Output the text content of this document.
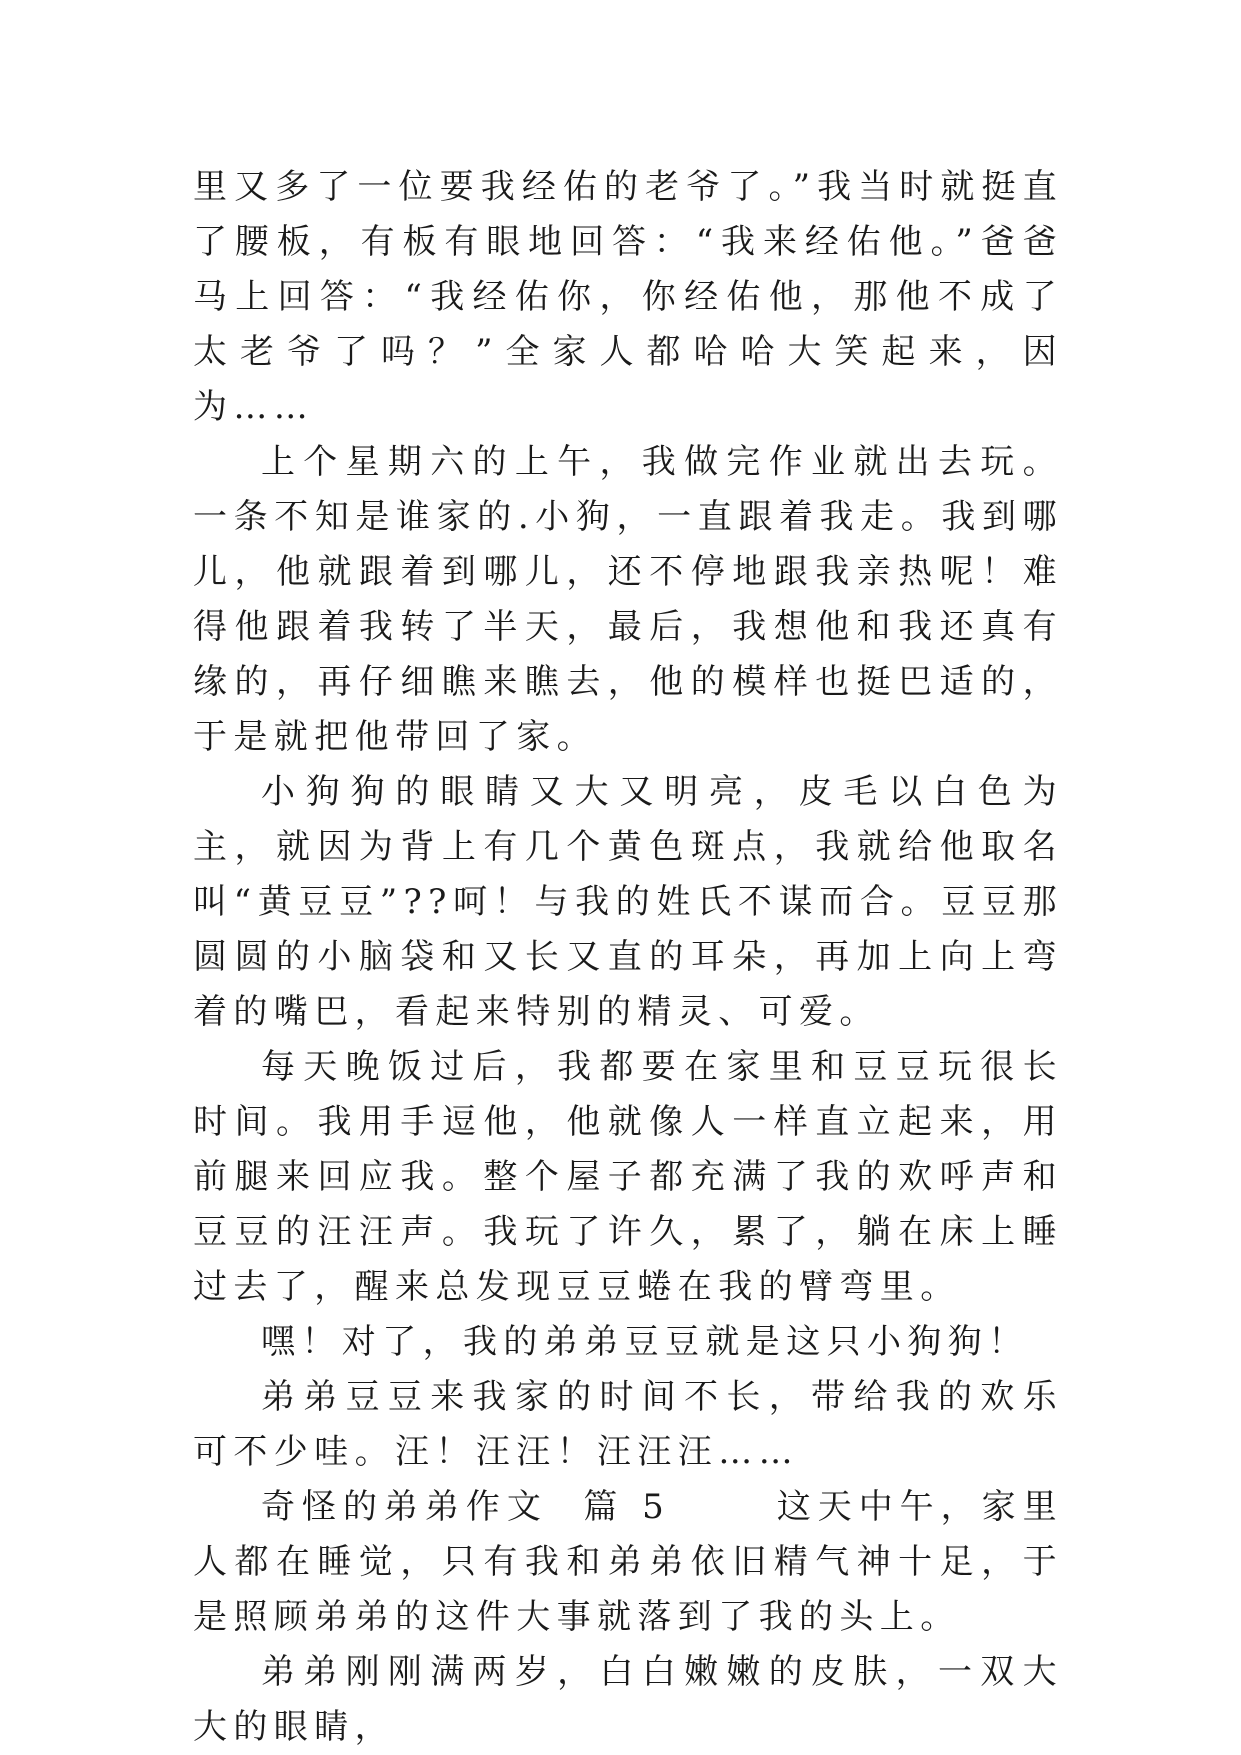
里又多了一位要我经佑的老爷了。”我当时就挺直了腰板，有板有眼地回答：“我来经佑他。”爸爸马上回答：“我经佑你，你经佑他，那他不成了太老爷了吗？”全家人都哈哈大笑起来，因为……

上个星期六的上午，我做完作业就出去玩。一条不知是谁家的.小狗，一直跟着我走。我到哪儿，他就跟着到哪儿，还不停地跟我亲热呢！难得他跟着我转了半天，最后，我想他和我还真有缘的，再仔细瞧来瞧去，他的模样也挺巴适的，于是就把他带回了家。

小狗狗的眼睛又大又明亮，皮毛以白色为主，就因为背上有几个黄色斑点，我就给他取名叫“黄豆豆”??呵！与我的姓氏不谋而合。豆豆那圆圆的小脑袋和又长又直的耳朵，再加上向上弯着的嘴巴，看起来特别的精灵、可爱。

每天晚饭过后，我都要在家里和豆豆玩很长时间。我用手逗他，他就像人一样直立起来，用前腿来回应我。整个屋子都充满了我的欢呼声和豆豆的汪汪声。我玩了许久，累了，躺在床上睡过去了，醒来总发现豆豆蜷在我的臂弯里。

嘿！对了，我的弟弟豆豆就是这只小狗狗！

弟弟豆豆来我家的时间不长，带给我的欢乐可不少哇。汪！汪汪！汪汪汪……

奇怪的弟弟作文  篇 5      这天中午，家里人都在睡觉，只有我和弟弟依旧精气神十足，于是照顾弟弟的这件大事就落到了我的头上。

弟弟刚刚满两岁，白白嫩嫩的皮肤，一双大大的眼睛，
